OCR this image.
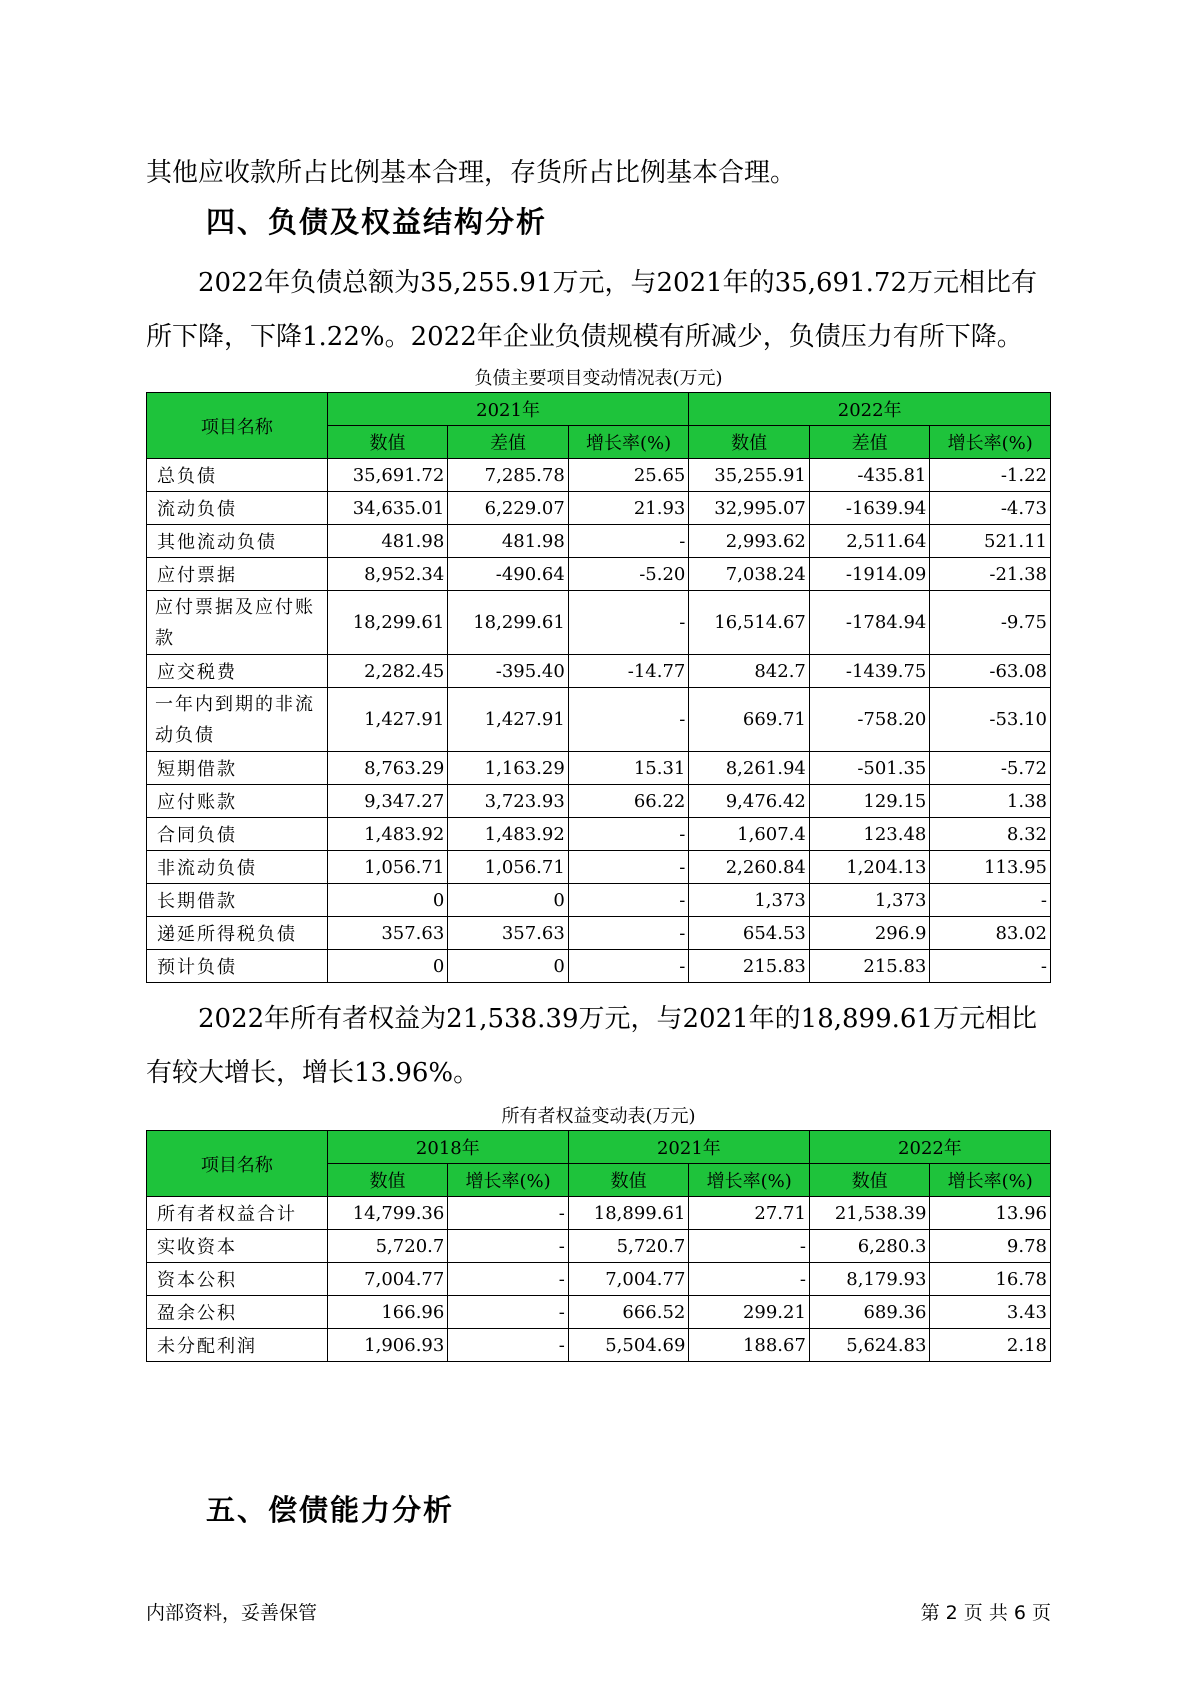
其他应收款所占比例基本合理，存货所占比例基本合理。

四、负债及权益结构分析

2022年负债总额为35,255.91万元，与2021年的35,691.72万元相比有所下降，下降1.22%。2022年企业负债规模有所减少，负债压力有所下降。

负债主要项目变动情况表(万元)

项目名称	2021年			2022年		
	数值	差值	增长率(%)	数值	差值	增长率(%)
总负债	35,691.72	7,285.78	25.65	35,255.91	-435.81	-1.22
流动负债	34,635.01	6,229.07	21.93	32,995.07	-1639.94	-4.73
其他流动负债	481.98	481.98	-	2,993.62	2,511.64	521.11
应付票据	8,952.34	-490.64	-5.20	7,038.24	-1914.09	-21.38
应付票据及应付账款	18,299.61	18,299.61	-	16,514.67	-1784.94	-9.75
应交税费	2,282.45	-395.40	-14.77	842.7	-1439.75	-63.08
一年内到期的非流动负债	1,427.91	1,427.91	-	669.71	-758.20	-53.10
短期借款	8,763.29	1,163.29	15.31	8,261.94	-501.35	-5.72
应付账款	9,347.27	3,723.93	66.22	9,476.42	129.15	1.38
合同负债	1,483.92	1,483.92	-	1,607.4	123.48	8.32
非流动负债	1,056.71	1,056.71	-	2,260.84	1,204.13	113.95
长期借款	0	0	-	1,373	1,373	-
递延所得税负债	357.63	357.63	-	654.53	296.9	83.02
预计负债	0	0	-	215.83	215.83	-

2022年所有者权益为21,538.39万元，与2021年的18,899.61万元相比有较大增长，增长13.96%。

所有者权益变动表(万元)

项目名称	2018年		2021年		2022年	
	数值	增长率(%)	数值	增长率(%)	数值	增长率(%)
所有者权益合计	14,799.36	-	18,899.61	27.71	21,538.39	13.96
实收资本	5,720.7	-	5,720.7	-	6,280.3	9.78
资本公积	7,004.77	-	7,004.77	-	8,179.93	16.78
盈余公积	166.96	-	666.52	299.21	689.36	3.43
未分配利润	1,906.93	-	5,504.69	188.67	5,624.83	2.18
五、偿债能力分析
内部资料，妥善保管	第 2 页 共 6 页
